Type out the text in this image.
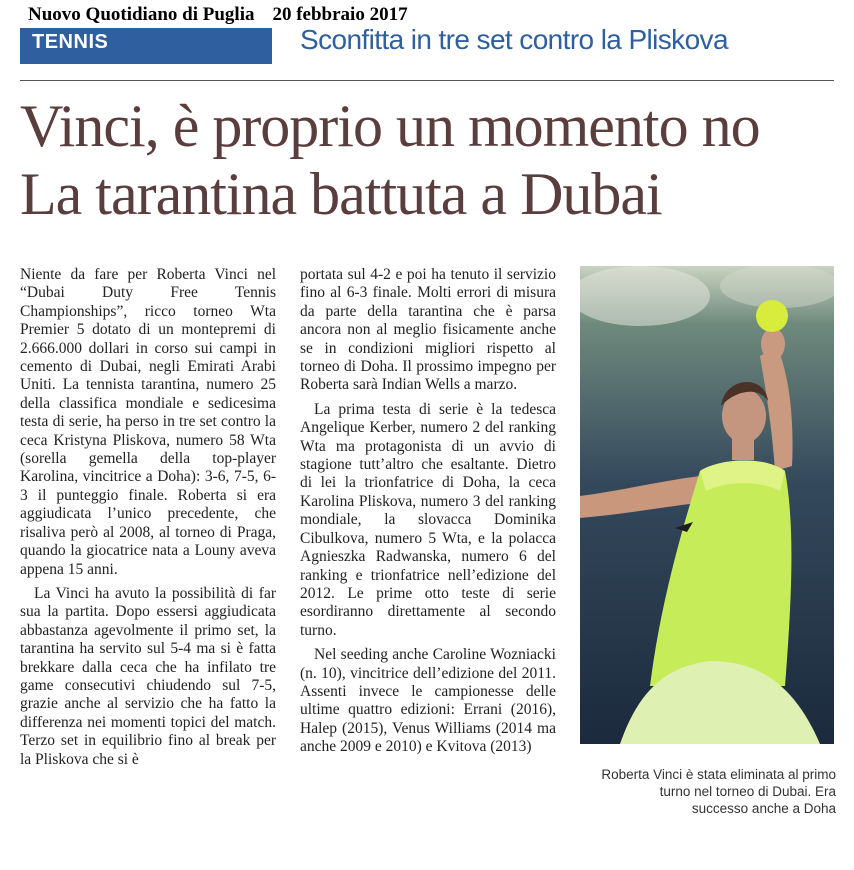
Nuovo Quotidiano di Puglia 20 febbraio 2017
TENNIS	Sconfitta in tre set contro la Pliskova
Vinci, è proprio un momento no
La tarantina battuta a Dubai

Niente da fare per Roberta Vinci nel “Dubai Duty Free Tennis Championships”, ricco torneo Wta Premier 5 dotato di un montepremi di 2.666.000 dollari in corso sui campi in cemento di Dubai, negli Emirati Arabi Uniti. La tennista tarantina, numero 25 della classifica mondiale e sedicesima testa di serie, ha perso in tre set contro la ceca Kristyna Pliskova, numero 58 Wta (sorella gemella della top-player Karolina, vincitrice a Doha): 3-6, 7-5, 6-3 il punteggio finale. Roberta si era aggiudicata l’unico precedente, che risaliva però al 2008, al torneo di Praga, quando la giocatrice nata a Louny aveva appena 15 anni.

La Vinci ha avuto la possibilità di far sua la partita. Dopo essersi aggiudicata abbastanza agevolmente il primo set, la tarantina ha servito sul 5-4 ma si è fatta brekkare dalla ceca che ha infilato tre game consecutivi chiudendo sul 7-5, grazie anche al servizio che ha fatto la differenza nei momenti topici del match. Terzo set in equilibrio fino al break per la Pliskova che si è

portata sul 4-2 e poi ha tenuto il servizio fino al 6-3 finale. Molti errori di misura da parte della tarantina che è parsa ancora non al meglio fisicamente anche se in condizioni migliori rispetto al torneo di Doha. Il prossimo impegno per Roberta sarà Indian Wells a marzo.

La prima testa di serie è la tedesca Angelique Kerber, numero 2 del ranking Wta ma protagonista di un avvio di stagione tutt’altro che esaltante. Dietro di lei la trionfatrice di Doha, la ceca Karolina Pliskova, numero 3 del ranking mondiale, la slovacca Dominika Cibulkova, numero 5 Wta, e la polacca Agnieszka Radwanska, numero 6 del ranking e trionfatrice nell’edizione del 2012. Le prime otto teste di serie esordiranno direttamente al secondo turno.

Nel seeding anche Caroline Wozniacki (n. 10), vincitrice dell’edizione del 2011. Assenti invece le campionesse delle ultime quattro edizioni: Errani (2016), Halep (2015), Venus Williams (2014 ma anche 2009 e 2010) e Kvitova (2013)

Roberta Vinci è stata eliminata al primo turno nel torneo di Dubai. Era successo anche a Doha
